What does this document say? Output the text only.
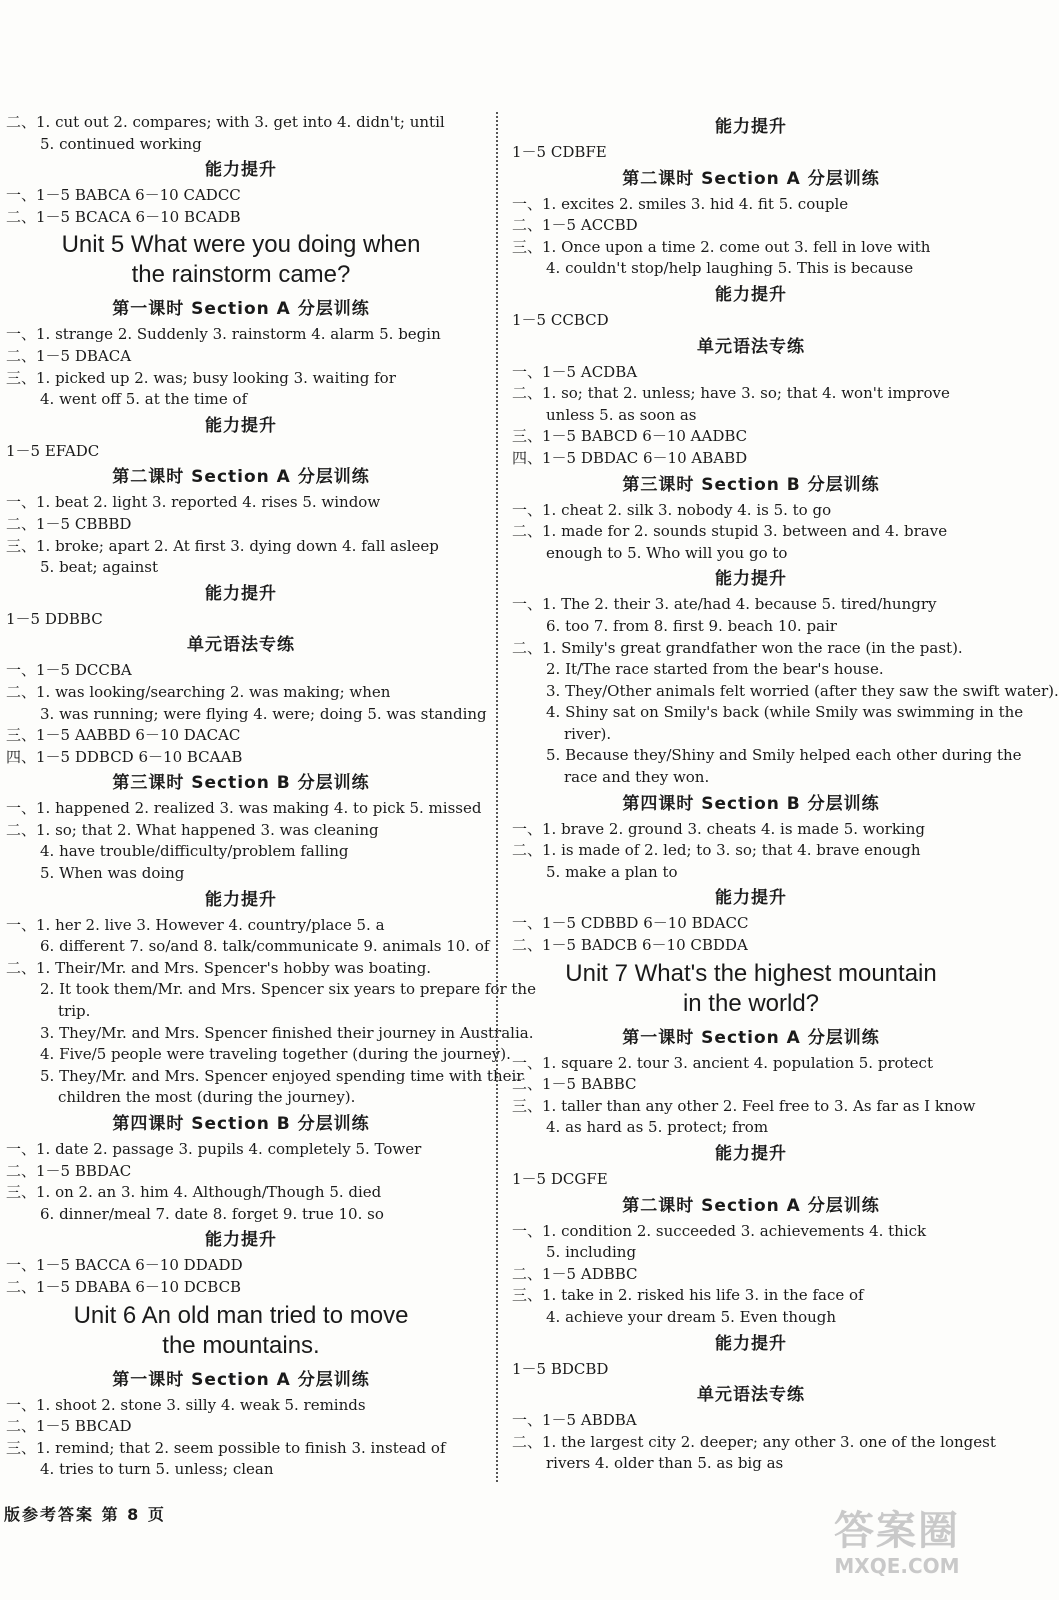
二、1. cut out 2. compares; with 3. get into 4. didn't; until
5. continued working
能力提升
一、1－5 BABCA 6－10 CADCC
二、1－5 BCACA 6－10 BCADB
Unit 5 What were you doing when
the rainstorm came?
第一课时 Section A 分层训练
一、1. strange 2. Suddenly 3. rainstorm 4. alarm 5. begin
二、1－5 DBACA
三、1. picked up 2. was; busy looking 3. waiting for
4. went off 5. at the time of
能力提升
1－5 EFADC
第二课时 Section A 分层训练
一、1. beat 2. light 3. reported 4. rises 5. window
二、1－5 CBBBD
三、1. broke; apart 2. At first 3. dying down 4. fall asleep
5. beat; against
能力提升
1－5 DDBBC
单元语法专练
一、1－5 DCCBA
二、1. was looking/searching 2. was making; when
3. was running; were flying 4. were; doing 5. was standing
三、1－5 AABBD 6－10 DACAC
四、1－5 DDBCD 6－10 BCAAB
第三课时 Section B 分层训练
一、1. happened 2. realized 3. was making 4. to pick 5. missed
二、1. so; that 2. What happened 3. was cleaning
4. have trouble/difficulty/problem falling
5. When was doing
能力提升
一、1. her 2. live 3. However 4. country/place 5. a
6. different 7. so/and 8. talk/communicate 9. animals 10. of
二、1. Their/Mr. and Mrs. Spencer's hobby was boating.
2. It took them/Mr. and Mrs. Spencer six years to prepare for the
trip.
3. They/Mr. and Mrs. Spencer finished their journey in Australia.
4. Five/5 people were traveling together (during the journey).
5. They/Mr. and Mrs. Spencer enjoyed spending time with their
children the most (during the journey).
第四课时 Section B 分层训练
一、1. date 2. passage 3. pupils 4. completely 5. Tower
二、1－5 BBDAC
三、1. on 2. an 3. him 4. Although/Though 5. died
6. dinner/meal 7. date 8. forget 9. true 10. so
能力提升
一、1－5 BACCA 6－10 DDADD
二、1－5 DBABA 6－10 DCBCB
Unit 6 An old man tried to move
the mountains.
第一课时 Section A 分层训练
一、1. shoot 2. stone 3. silly 4. weak 5. reminds
二、1－5 BBCAD
三、1. remind; that 2. seem possible to finish 3. instead of
4. tries to turn 5. unless; clean
能力提升
1－5 CDBFE
第二课时 Section A 分层训练
一、1. excites 2. smiles 3. hid 4. fit 5. couple
二、1－5 ACCBD
三、1. Once upon a time 2. come out 3. fell in love with
4. couldn't stop/help laughing 5. This is because
能力提升
1－5 CCBCD
单元语法专练
一、1－5 ACDBA
二、1. so; that 2. unless; have 3. so; that 4. won't improve
unless 5. as soon as
三、1－5 BABCD 6－10 AADBC
四、1－5 DBDAC 6－10 ABABD
第三课时 Section B 分层训练
一、1. cheat 2. silk 3. nobody 4. is 5. to go
二、1. made for 2. sounds stupid 3. between and 4. brave
enough to 5. Who will you go to
能力提升
一、1. The 2. their 3. ate/had 4. because 5. tired/hungry
6. too 7. from 8. first 9. beach 10. pair
二、1. Smily's great grandfather won the race (in the past).
2. It/The race started from the bear's house.
3. They/Other animals felt worried (after they saw the swift water).
4. Shiny sat on Smily's back (while Smily was swimming in the
river).
5. Because they/Shiny and Smily helped each other during the
race and they won.
第四课时 Section B 分层训练
一、1. brave 2. ground 3. cheats 4. is made 5. working
二、1. is made of 2. led; to 3. so; that 4. brave enough
5. make a plan to
能力提升
一、1－5 CDBBD 6－10 BDACC
二、1－5 BADCB 6－10 CBDDA
Unit 7 What's the highest mountain
in the world?
第一课时 Section A 分层训练
一、1. square 2. tour 3. ancient 4. population 5. protect
二、1－5 BABBC
三、1. taller than any other 2. Feel free to 3. As far as I know
4. as hard as 5. protect; from
能力提升
1－5 DCGFE
第二课时 Section A 分层训练
一、1. condition 2. succeeded 3. achievements 4. thick
5. including
二、1－5 ADBBC
三、1. take in 2. risked his life 3. in the face of
4. achieve your dream 5. Even though
能力提升
1－5 BDCBD
单元语法专练
一、1－5 ABDBA
二、1. the largest city 2. deeper; any other 3. one of the longest
rivers 4. older than 5. as big as
版参考答案 第 8 页	答案圈
MXQE.COM
